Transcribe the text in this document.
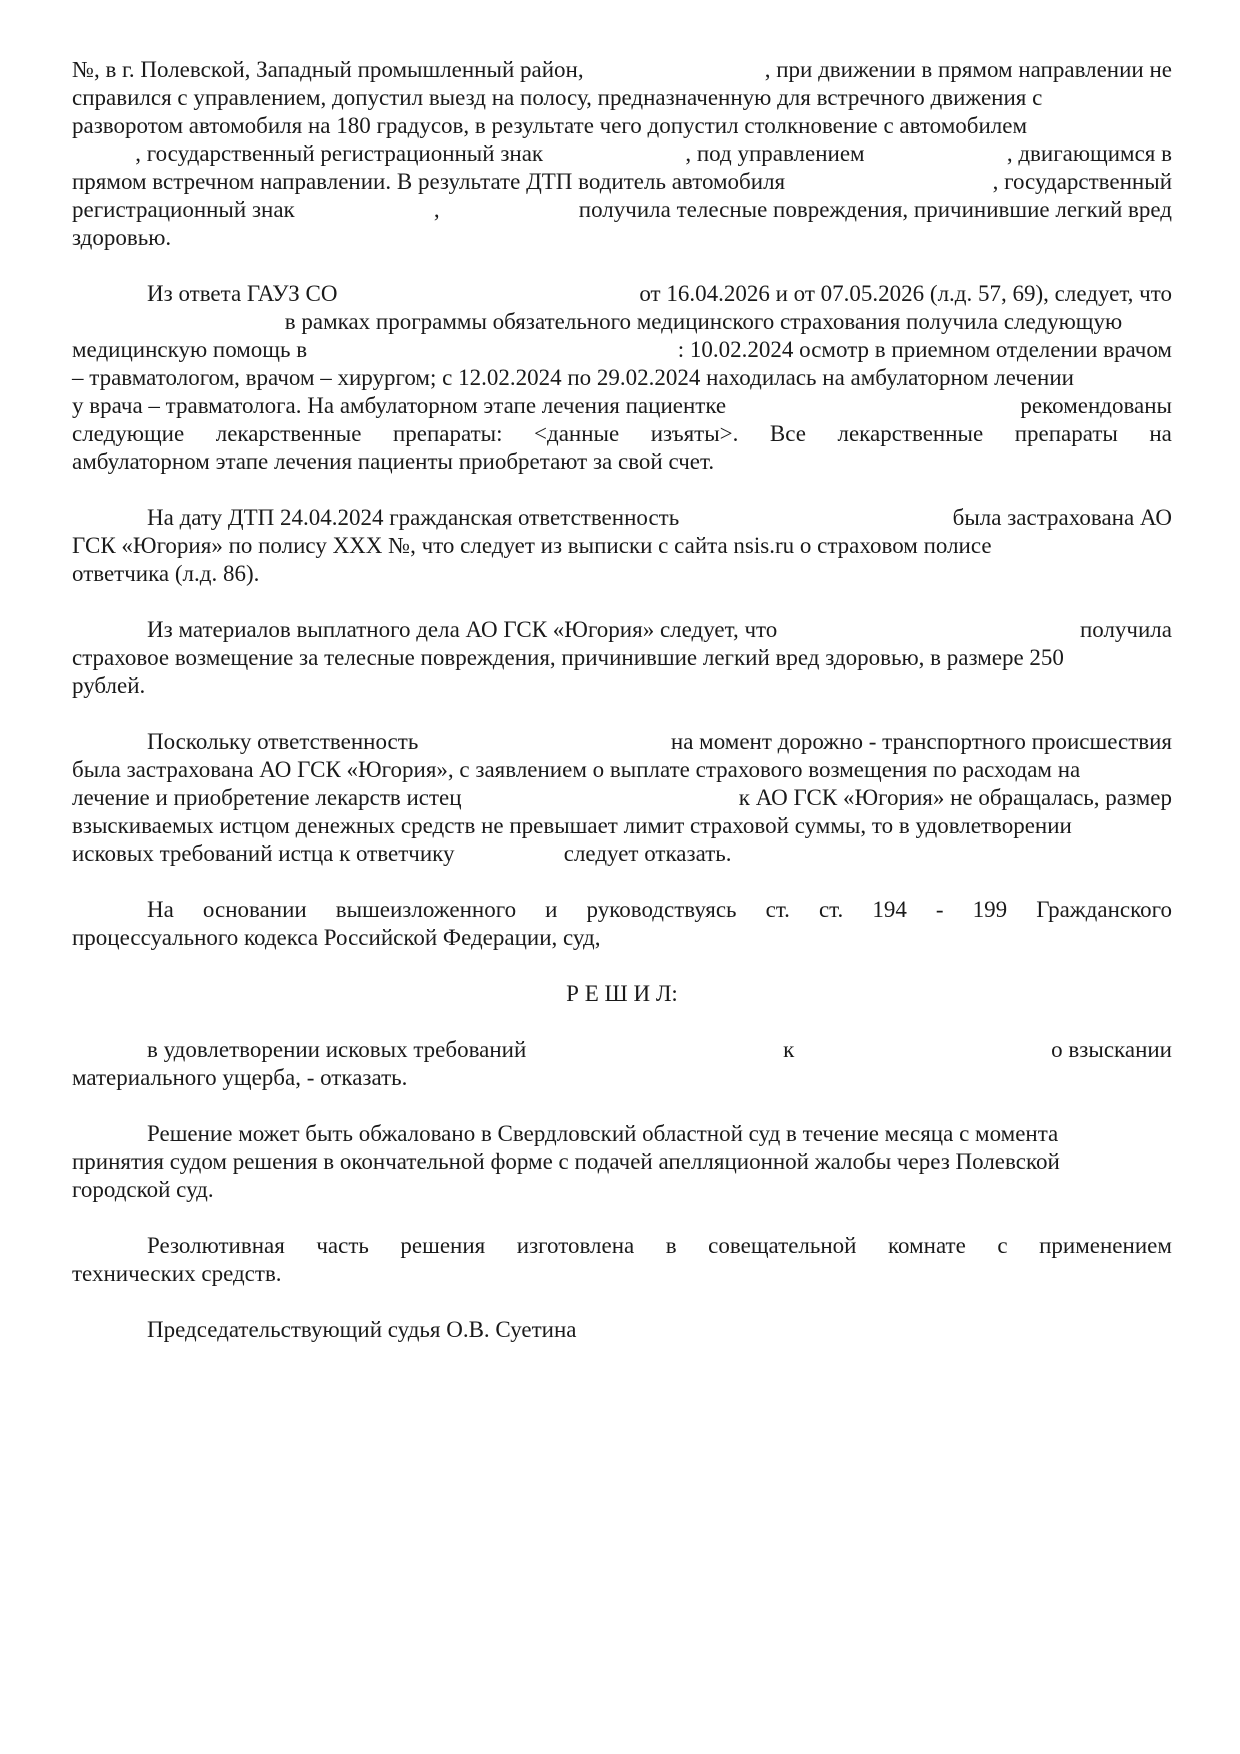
№, в г. Полевской, Западный промышленный район,	, при движении в прямом направлении не
справился с управлением, допустил выезд на полосу, предназначенную для встречного движения с
разворотом автомобиля на 180 градусов, в результате чего допустил столкновение с автомобилем
, государственный регистрационный знак	, под управлением	, двигающимся в
прямом встречном направлении. В результате ДТП водитель автомобиля	, государственный
регистрационный знак	,	получила телесные повреждения, причинившие легкий вред
здоровью.
Из ответа ГАУЗ СО	от 16.04.2026 и от 07.05.2026 (л.д. 57, 69), следует, что
в рамках программы обязательного медицинского страхования получила следующую
медицинскую помощь в	: 10.02.2024 осмотр в приемном отделении врачом
– травматологом, врачом – хирургом; с 12.02.2024 по 29.02.2024 находилась на амбулаторном лечении
у врача – травматолога. На амбулаторном этапе лечения пациентке	рекомендованы
следующие лекарственные препараты: <данные изъяты>. Все лекарственные препараты на
амбулаторном этапе лечения пациенты приобретают за свой счет.
На дату ДТП 24.04.2024 гражданская ответственность	была застрахована АО
ГСК «Югория» по полису ХХХ №, что следует из выписки с сайта nsis.ru о страховом полисе
ответчика (л.д. 86).
Из материалов выплатного дела АО ГСК «Югория» следует, что	получила
страховое возмещение за телесные повреждения, причинившие легкий вред здоровью, в размере 250
рублей.
Поскольку ответственность	на момент дорожно - транспортного происшествия
была застрахована АО ГСК «Югория», с заявлением о выплате страхового возмещения по расходам на
лечение и приобретение лекарств истец	к АО ГСК «Югория» не обращалась, размер
взыскиваемых истцом денежных средств не превышает лимит страховой суммы, то в удовлетворении
исковых требований истца к ответчику                   следует отказать.
На основании вышеизложенного и руководствуясь ст. ст. 194 - 199 Гражданского
процессуального кодекса Российской Федерации, суд,
Р Е Ш И Л:
в удовлетворении исковых требований	к	о взыскании
материального ущерба, - отказать.
Решение может быть обжаловано в Свердловский областной суд в течение месяца с момента
принятия судом решения в окончательной форме с подачей апелляционной жалобы через Полевской
городской суд.
Резолютивная часть решения изготовлена в совещательной комнате с применением
технических средств.
Председательствующий судья О.В. Суетина
